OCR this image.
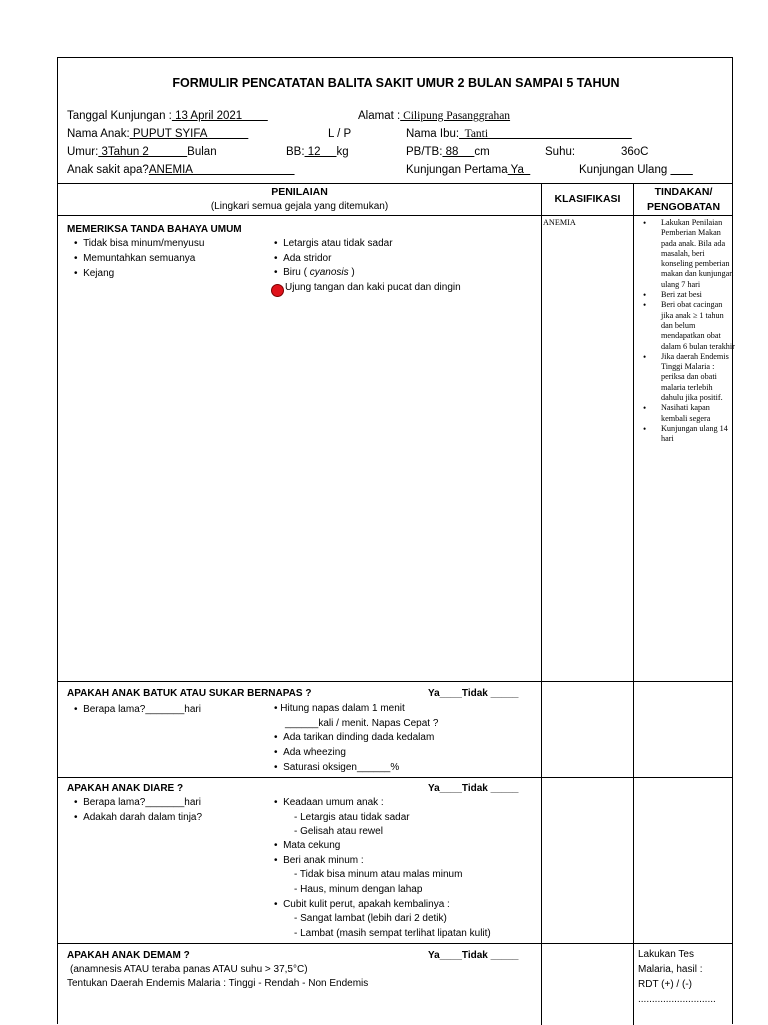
FORMULIR PENCATATAN BALITA SAKIT UMUR 2 BULAN SAMPAI 5 TAHUN
Tanggal Kunjungan : 13 April 2021	Alamat : Cilipung Pasanggrahan
Nama Anak: PUPUT SYIFA	L / P	Nama Ibu:  Tanti
Umur: 3Tahun 2            Bulan	BB: 12     kg	PB/TB: 88     cm	Suhu:	36oC
Anak sakit apa?ANEMIA	Kunjungan Pertama Ya	Kunjungan Ulang
PENILAIAN
(Lingkari semua gejala yang ditemukan)
KLASIFIKASI
TINDAKAN/
PENGOBATAN
MEMERIKSA TANDA BAHAYA UMUM
•  Tidak bisa minum/menyusu
•  Memuntahkan semuanya
•  Kejang
•  Letargis atau tidak sadar
•  Ada stridor
•  Biru ( cyanosis )
Ujung tangan dan kaki pucat dan dingin
ANEMIA
•	Lakukan Penilaian Pemberian Makan pada anak. Bila ada masalah, beri konseling pemberian makan dan kunjungan ulang 7 hari
• Beri zat besi
• Beri obat cacingan jika anak ≥ 1 tahun dan belum mendapatkan obat dalam 6 bulan terakhir
• Jika daerah Endemis Tinggi Malaria : periksa dan obati malaria terlebih dahulu jika positif.
• Nasihati kapan kembali segera
• Kunjungan ulang 14 hari
APAKAH ANAK BATUK ATAU SUKAR BERNAPAS ?	Ya____Tidak _____
•  Berapa lama?_______hari	• Hitung napas dalam 1 menit
______kali / menit. Napas Cepat ?
•  Ada tarikan dinding dada kedalam
•  Ada wheezing
•  Saturasi oksigen______%
APAKAH ANAK DIARE ?	Ya____Tidak _____
•  Berapa lama?_______hari
•  Adakah darah dalam tinja?
•  Keadaan umum anak :
- Letargis atau tidak sadar
- Gelisah atau rewel
•  Mata cekung
•  Beri anak minum :
- Tidak bisa minum atau malas minum
- Haus, minum dengan lahap
•  Cubit kulit perut, apakah kembalinya :
- Sangat lambat (lebih dari 2 detik)
- Lambat (masih sempat terlihat lipatan kulit)
APAKAH ANAK DEMAM ?	Ya____Tidak _____
(anamnesis ATAU teraba panas ATAU suhu > 37,5°C)
Tentukan Daerah Endemis Malaria : Tinggi - Rendah - Non Endemis
Lakukan Tes
Malaria, hasil :
RDT (+) / (-)
............................
